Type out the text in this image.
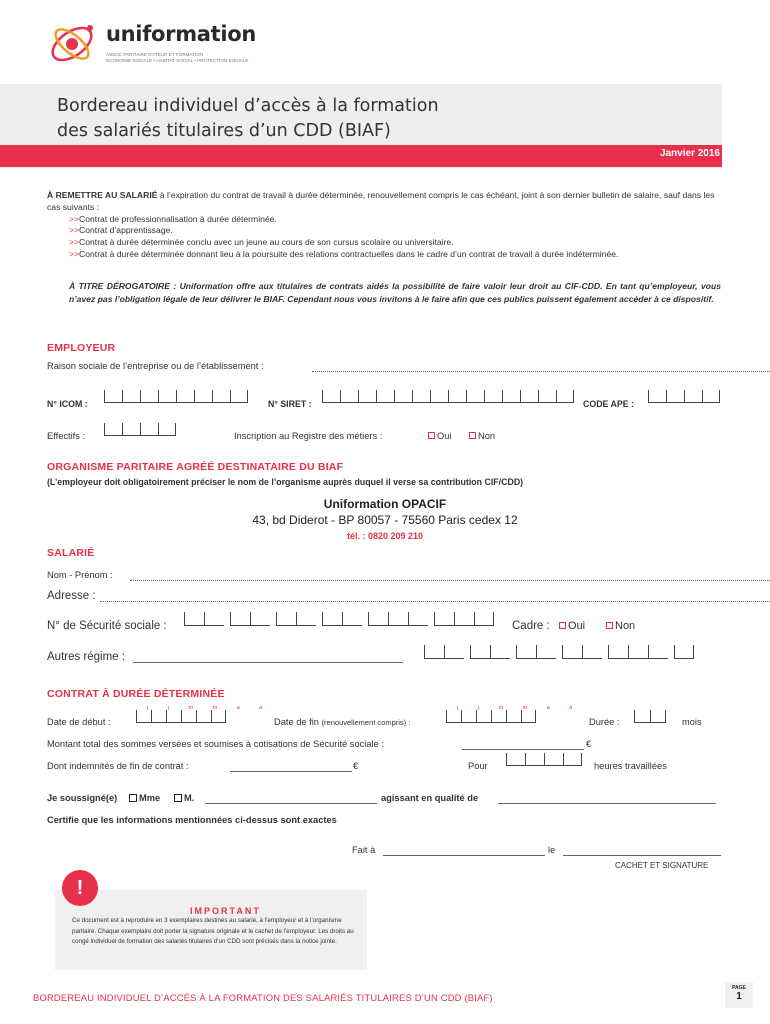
uniformation
ASSOC PARITAIRE D'ATEUR ET FORMATION
ÉCONOMIE SOCIALE • HABITAT SOCIAL • PROTECTION SOCIALE
Bordereau individuel d’accès à la formation
des salariés titulaires d’un CDD (BIAF)
Janvier 2016
À REMETTRE AU SALARIÉ à l’expiration du contrat de travail à durée déterminée, renouvellement compris le cas échéant, joint à son dernier bulletin de salaire, sauf dans les cas suivants :
>>Contrat de professionnalisation à durée déterminée.
>>Contrat d’apprentissage.
>>Contrat à durée déterminée conclu avec un jeune au cours de son cursus scolaire ou universitaire.
>>Contrat à durée déterminée donnant lieu à la poursuite des relations contractuelles dans le cadre d’un contrat de travail à durée indéterminée.
À TITRE DÉROGATOIRE : Uniformation offre aux titulaires de contrats aidés la possibilité de faire valoir leur droit au CIF-CDD. En tant qu’employeur, vous n’avez pas l’obligation légale de leur délivrer le BIAF. Cependant nous vous invitons à le faire afin que ces publics puissent également accéder à ce dispositif.
EMPLOYEUR
Raison sociale de l’entreprise ou de l’établissement :
N° ICOM :	N° SIRET :	CODE APE :
Effectifs :	Inscription au Registre des métiers :	Oui	Non
ORGANISME PARITAIRE AGRÉÉ DESTINATAIRE DU BIAF
(L’employeur doit obligatoirement préciser le nom de l’organisme auprès duquel il verse sa contribution CIF/CDD)
Uniformation OPACIF
43, bd Diderot - BP 80057 - 75560 Paris cedex 12
tél. : 0820 209 210
SALARIÉ
Nom - Prénom :
Adresse :
N° de Sécurité sociale :	Cadre :	Oui	Non
Autres régime :
CONTRAT À DURÉE DÉTERMINÉE
j j m m a a	j j m m a a
Date de début :	Date de fin (renouvellement compris) :	Durée :	mois
Montant total des sommes versées et soumises à cotisations de Sécurité sociale :	€
Dont indemnités de fin de contrat :	€	Pour	heures travaillées
Je soussigné(e)	Mme	M.	agissant en qualité de
Certifie que les informations mentionnées ci-dessus sont exactes
Fait à	le
CACHET ET SIGNATURE
!
IMPORTANT
Ce document est à reproduire en 3 exemplaires destinés au salarié, à l’employeur et à l’organisme paritaire. Chaque exemplaire doit porter la signature originale et le cachet de l’employeur. Les droits au congé individuel de formation des salariés titulaires d’un CDD sont précisés dans la notice jointe.
BORDEREAU INDIVIDUEL D’ACCÈS À LA FORMATION DES SALARIÉS TITULAIRES D’UN CDD (BIAF)
PAGE
1
